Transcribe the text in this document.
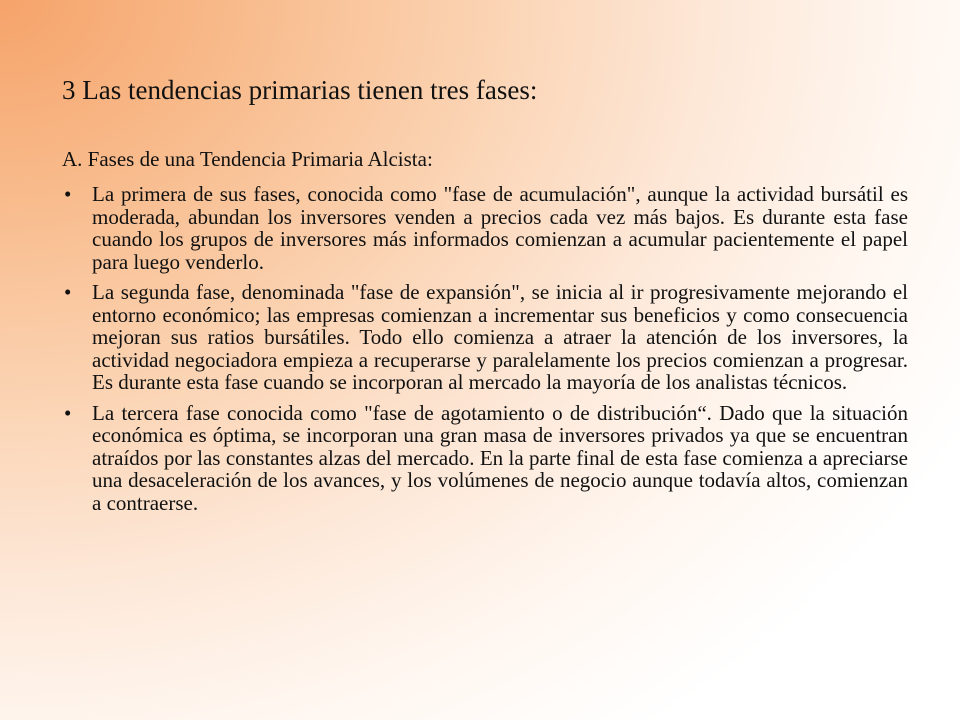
3 Las tendencias primarias tienen tres fases:

A. Fases de una Tendencia Primaria Alcista:

• La primera de sus fases, conocida como "fase de acumulación", aunque la actividad bursátil es moderada, abundan los inversores venden a precios cada vez más bajos. Es durante esta fase cuando los grupos de inversores más informados comienzan a acumular pacientemente el papel para luego venderlo.
• La segunda fase, denominada "fase de expansión", se inicia al ir progresivamente mejorando el entorno económico; las empresas comienzan a incrementar sus beneficios y como consecuencia mejoran sus ratios bursátiles. Todo ello comienza a atraer la atención de los inversores, la actividad negociadora empieza a recuperarse y paralelamente los precios comienzan a progresar. Es durante esta fase cuando se incorporan al mercado la mayoría de los analistas técnicos.
• La tercera fase conocida como "fase de agotamiento o de distribución“. Dado que la situación económica es óptima, se incorporan una gran masa de inversores privados ya que se encuentran atraídos por las constantes alzas del mercado. En la parte final de esta fase comienza a apreciarse una desaceleración de los avances, y los volúmenes de negocio aunque todavía altos, comienzan a contraerse.
